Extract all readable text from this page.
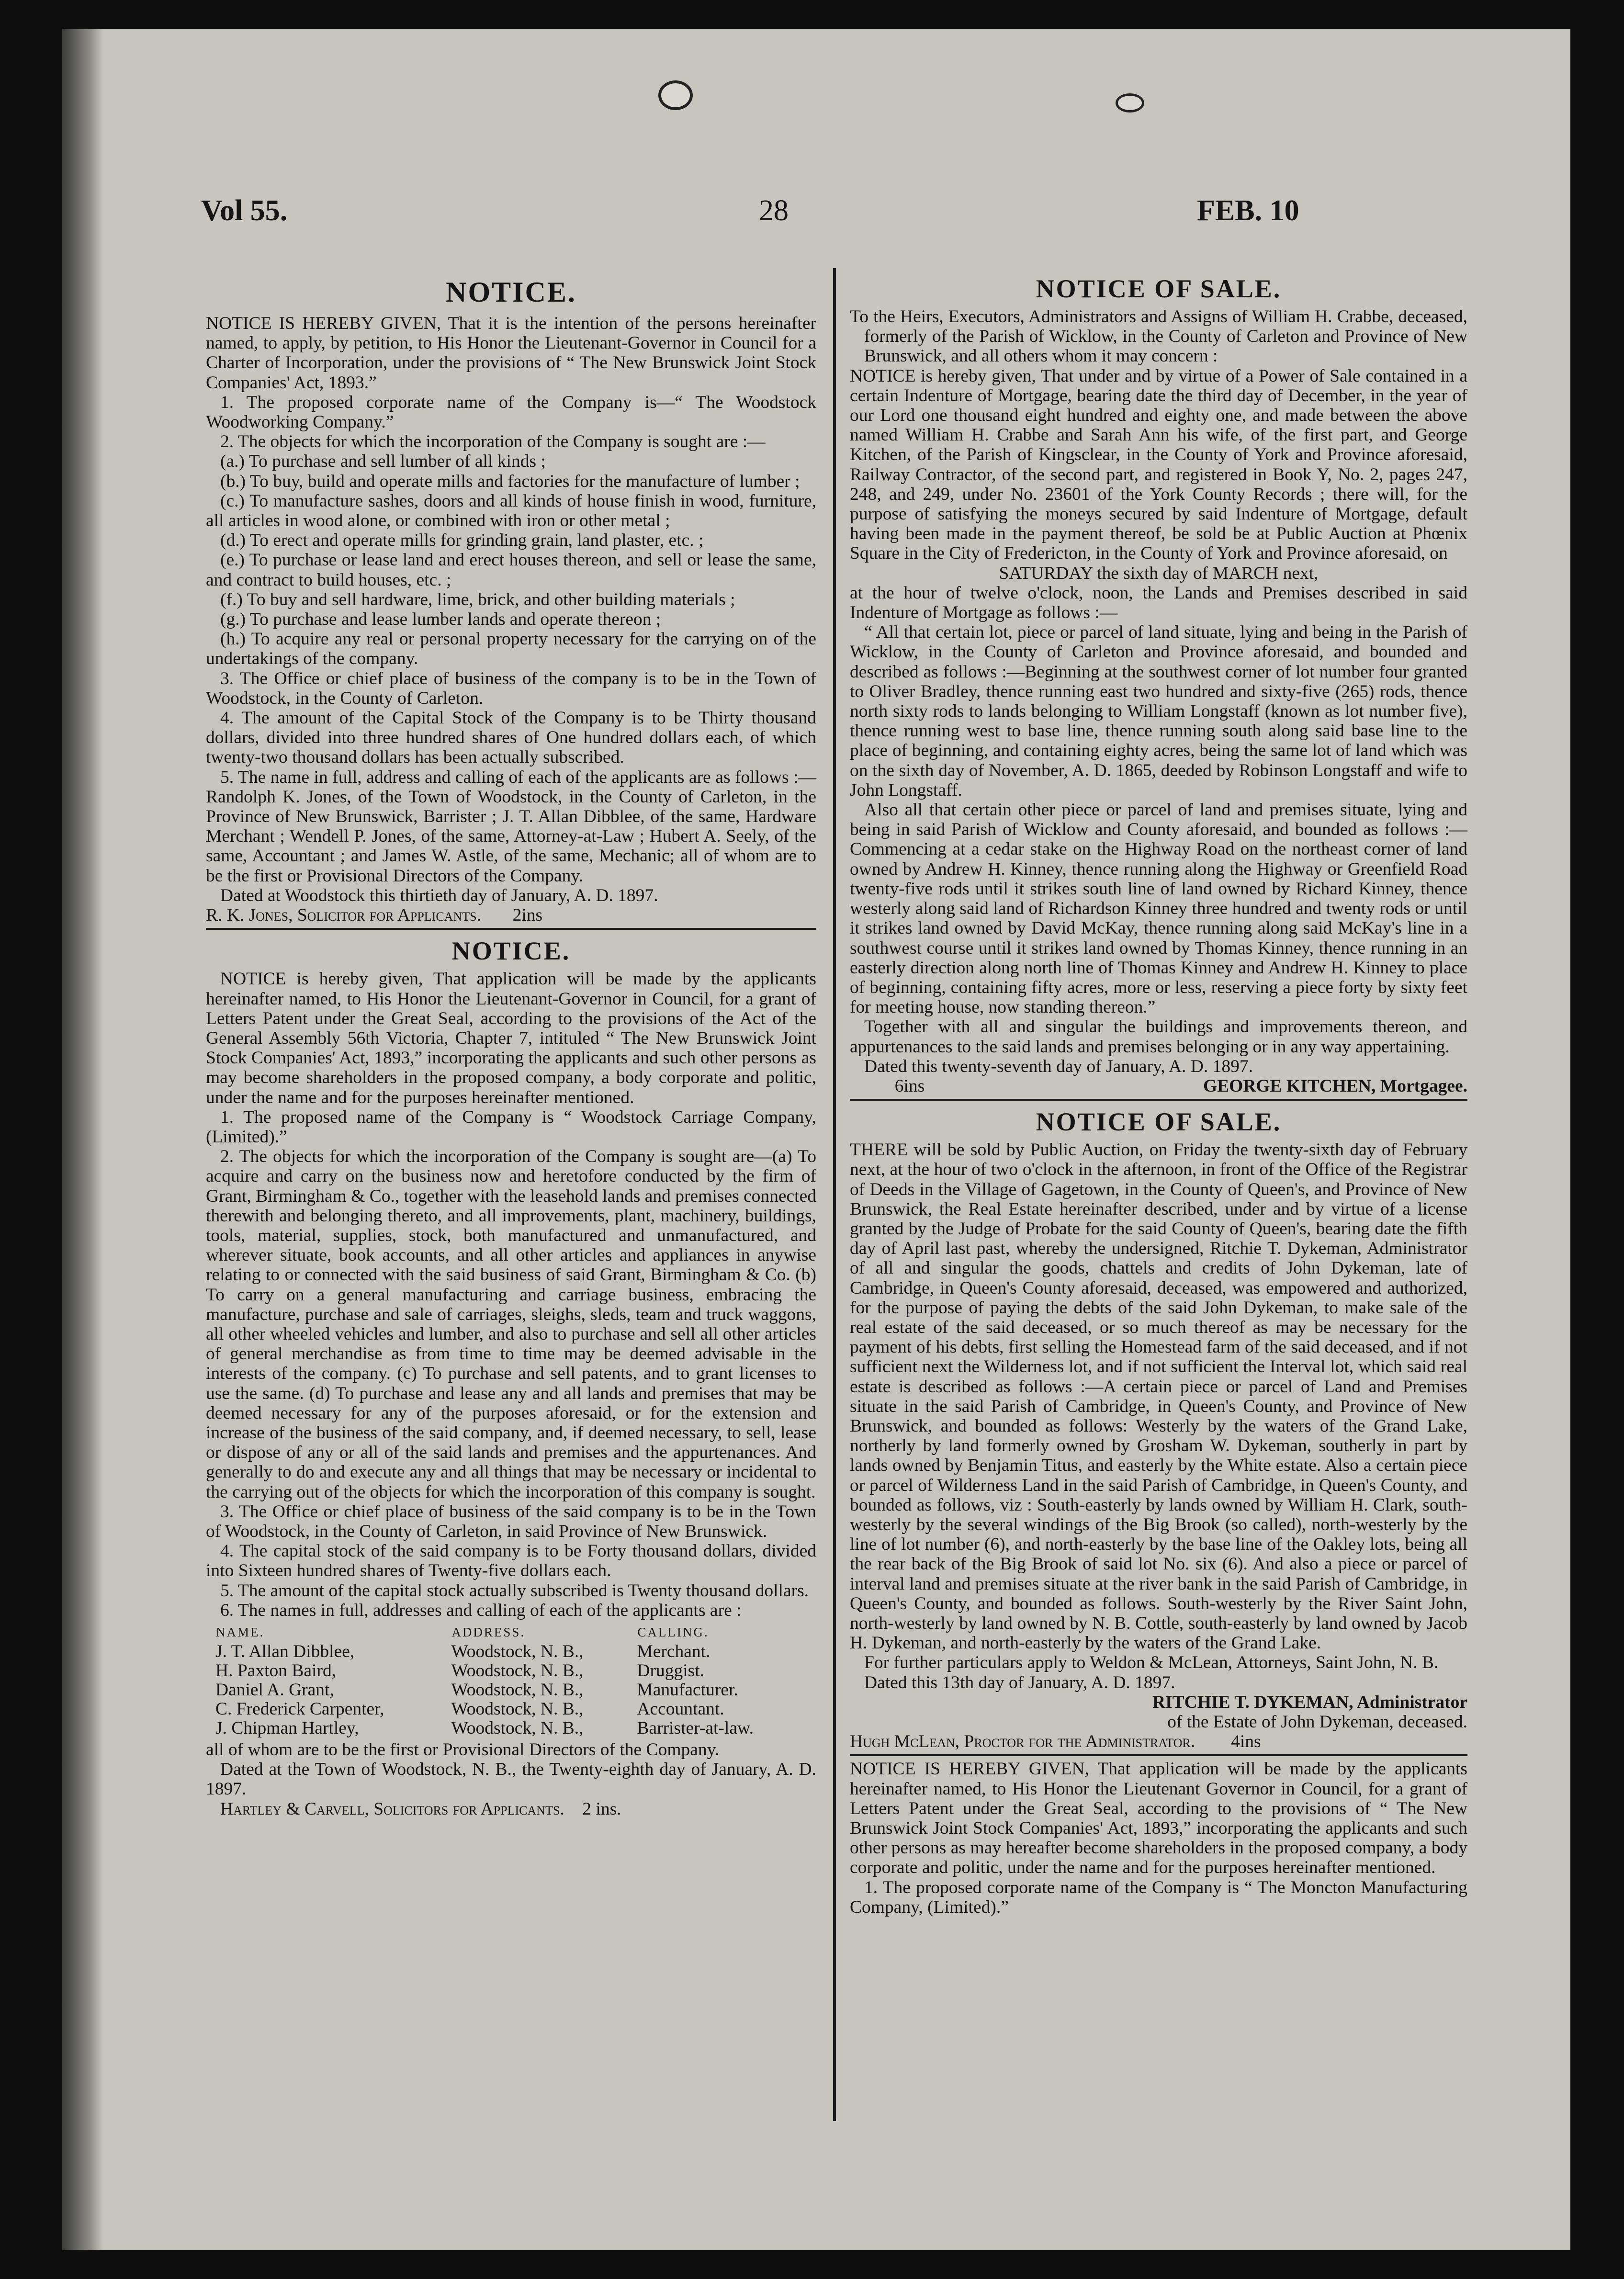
Vol 55.	28	FEB. 10
NOTICE.

NOTICE IS HEREBY GIVEN, That it is the intention of the persons hereinafter named, to apply, by petition, to His Honor the Lieutenant-Governor in Council for a Charter of Incorporation, under the provisions of “ The New Brunswick Joint Stock Companies' Act, 1893.”

1. The proposed corporate name of the Company is—“ The Woodstock Woodworking Company.”

2. The objects for which the incorporation of the Company is sought are :—

(a.) To purchase and sell lumber of all kinds ;

(b.) To buy, build and operate mills and factories for the manufacture of lumber ;

(c.) To manufacture sashes, doors and all kinds of house finish in wood, furniture, all articles in wood alone, or combined with iron or other metal ;

(d.) To erect and operate mills for grinding grain, land plaster, etc. ;

(e.) To purchase or lease land and erect houses thereon, and sell or lease the same, and contract to build houses, etc. ;

(f.) To buy and sell hardware, lime, brick, and other building materials ;

(g.) To purchase and lease lumber lands and operate thereon ;

(h.) To acquire any real or personal property necessary for the carrying on of the undertakings of the company.

3. The Office or chief place of business of the company is to be in the Town of Woodstock, in the County of Carleton.

4. The amount of the Capital Stock of the Company is to be Thirty thousand dollars, divided into three hundred shares of One hundred dollars each, of which twenty-two thousand dollars has been actually subscribed.

5. The name in full, address and calling of each of the applicants are as follows :—Randolph K. Jones, of the Town of Woodstock, in the County of Carleton, in the Province of New Brunswick, Barrister ; J. T. Allan Dibblee, of the same, Hardware Merchant ; Wendell P. Jones, of the same, Attorney-at-Law ; Hubert A. Seely, of the same, Accountant ; and James W. Astle, of the same, Mechanic; all of whom are to be the first or Provisional Directors of the Company.

Dated at Woodstock this thirtieth day of January, A. D. 1897.

R. K. Jones, Solicitor for Applicants. 2ins

NOTICE.

NOTICE is hereby given, That application will be made by the applicants hereinafter named, to His Honor the Lieutenant-Governor in Council, for a grant of Letters Patent under the Great Seal, according to the provisions of the Act of the General Assembly 56th Victoria, Chapter 7, intituled “ The New Brunswick Joint Stock Companies' Act, 1893,” incorporating the applicants and such other persons as may become shareholders in the proposed company, a body corporate and politic, under the name and for the purposes hereinafter mentioned.

1. The proposed name of the Company is “ Woodstock Carriage Company, (Limited).”

2. The objects for which the incorporation of the Company is sought are—(a) To acquire and carry on the business now and heretofore conducted by the firm of Grant, Birmingham & Co., together with the leasehold lands and premises connected therewith and belonging thereto, and all improvements, plant, machinery, buildings, tools, material, supplies, stock, both manufactured and unmanufactured, and wherever situate, book accounts, and all other articles and appliances in anywise relating to or connected with the said business of said Grant, Birmingham & Co. (b) To carry on a general manufacturing and carriage business, embracing the manufacture, purchase and sale of carriages, sleighs, sleds, team and truck waggons, all other wheeled vehicles and lumber, and also to purchase and sell all other articles of general merchandise as from time to time may be deemed advisable in the interests of the company. (c) To purchase and sell patents, and to grant licenses to use the same. (d) To purchase and lease any and all lands and premises that may be deemed necessary for any of the purposes aforesaid, or for the extension and increase of the business of the said company, and, if deemed necessary, to sell, lease or dispose of any or all of the said lands and premises and the appurtenances. And generally to do and execute any and all things that may be necessary or incidental to the carrying out of the objects for which the incorporation of this company is sought.

3. The Office or chief place of business of the said company is to be in the Town of Woodstock, in the County of Carleton, in said Province of New Brunswick.

4. The capital stock of the said company is to be Forty thousand dollars, divided into Sixteen hundred shares of Twenty-five dollars each.

5. The amount of the capital stock actually subscribed is Twenty thousand dollars.

6. The names in full, addresses and calling of each of the applicants are :

NAME.	ADDRESS.	CALLING.
J. T. Allan Dibblee,	Woodstock, N. B.,	Merchant.
H. Paxton Baird,	Woodstock, N. B.,	Druggist.
Daniel A. Grant,	Woodstock, N. B.,	Manufacturer.
C. Frederick Carpenter,	Woodstock, N. B.,	Accountant.
J. Chipman Hartley,	Woodstock, N. B.,	Barrister-at-law.

all of whom are to be the first or Provisional Directors of the Company.

Dated at the Town of Woodstock, N. B., the Twenty-eighth day of January, A. D. 1897.

Hartley & Carvell, Solicitors for Applicants. 2 ins.

NOTICE OF SALE.

To the Heirs, Executors, Administrators and Assigns of William H. Crabbe, deceased, formerly of the Parish of Wicklow, in the County of Carleton and Province of New Brunswick, and all others whom it may concern :

NOTICE is hereby given, That under and by virtue of a Power of Sale contained in a certain Indenture of Mortgage, bearing date the third day of December, in the year of our Lord one thousand eight hundred and eighty one, and made between the above named William H. Crabbe and Sarah Ann his wife, of the first part, and George Kitchen, of the Parish of Kingsclear, in the County of York and Province aforesaid, Railway Contractor, of the second part, and registered in Book Y, No. 2, pages 247, 248, and 249, under No. 23601 of the York County Records ; there will, for the purpose of satisfying the moneys secured by said Indenture of Mortgage, default having been made in the payment thereof, be sold be at Public Auction at Phœnix Square in the City of Fredericton, in the County of York and Province aforesaid, on

SATURDAY the sixth day of MARCH next,

at the hour of twelve o'clock, noon, the Lands and Premises described in said Indenture of Mortgage as follows :—

“ All that certain lot, piece or parcel of land situate, lying and being in the Parish of Wicklow, in the County of Carleton and Province aforesaid, and bounded and described as follows :—Beginning at the southwest corner of lot number four granted to Oliver Bradley, thence running east two hundred and sixty-five (265) rods, thence north sixty rods to lands belonging to William Longstaff (known as lot number five), thence running west to base line, thence running south along said base line to the place of beginning, and containing eighty acres, being the same lot of land which was on the sixth day of November, A. D. 1865, deeded by Robinson Longstaff and wife to John Longstaff.

Also all that certain other piece or parcel of land and premises situate, lying and being in said Parish of Wicklow and County aforesaid, and bounded as follows :—Commencing at a cedar stake on the Highway Road on the northeast corner of land owned by Andrew H. Kinney, thence running along the Highway or Greenfield Road twenty-five rods until it strikes south line of land owned by Richard Kinney, thence westerly along said land of Richardson Kinney three hundred and twenty rods or until it strikes land owned by David McKay, thence running along said McKay's line in a southwest course until it strikes land owned by Thomas Kinney, thence running in an easterly direction along north line of Thomas Kinney and Andrew H. Kinney to place of beginning, containing fifty acres, more or less, reserving a piece forty by sixty feet for meeting house, now standing thereon.”

Together with all and singular the buildings and improvements thereon, and appurtenances to the said lands and premises belonging or in any way appertaining.

Dated this twenty-seventh day of January, A. D. 1897.

6ins	GEORGE KITCHEN, Mortgagee.

NOTICE OF SALE.

THERE will be sold by Public Auction, on Friday the twenty-sixth day of February next, at the hour of two o'clock in the afternoon, in front of the Office of the Registrar of Deeds in the Village of Gagetown, in the County of Queen's, and Province of New Brunswick, the Real Estate hereinafter described, under and by virtue of a license granted by the Judge of Probate for the said County of Queen's, bearing date the fifth day of April last past, whereby the undersigned, Ritchie T. Dykeman, Administrator of all and singular the goods, chattels and credits of John Dykeman, late of Cambridge, in Queen's County aforesaid, deceased, was empowered and authorized, for the purpose of paying the debts of the said John Dykeman, to make sale of the real estate of the said deceased, or so much thereof as may be necessary for the payment of his debts, first selling the Homestead farm of the said deceased, and if not sufficient next the Wilderness lot, and if not sufficient the Interval lot, which said real estate is described as follows :—A certain piece or parcel of Land and Premises situate in the said Parish of Cambridge, in Queen's County, and Province of New Brunswick, and bounded as follows: Westerly by the waters of the Grand Lake, northerly by land formerly owned by Grosham W. Dykeman, southerly in part by lands owned by Benjamin Titus, and easterly by the White estate. Also a certain piece or parcel of Wilderness Land in the said Parish of Cambridge, in Queen's County, and bounded as follows, viz : South-easterly by lands owned by William H. Clark, south-westerly by the several windings of the Big Brook (so called), north-westerly by the line of lot number (6), and north-easterly by the base line of the Oakley lots, being all the rear back of the Big Brook of said lot No. six (6). And also a piece or parcel of interval land and premises situate at the river bank in the said Parish of Cambridge, in Queen's County, and bounded as follows. South-westerly by the River Saint John, north-westerly by land owned by N. B. Cottle, south-easterly by land owned by Jacob H. Dykeman, and north-easterly by the waters of the Grand Lake.

For further particulars apply to Weldon & McLean, Attorneys, Saint John, N. B.

Dated this 13th day of January, A. D. 1897.

RITCHIE T. DYKEMAN, Administrator

of the Estate of John Dykeman, deceased.

Hugh McLean, Proctor for the Administrator. 4ins

NOTICE IS HEREBY GIVEN, That application will be made by the applicants hereinafter named, to His Honor the Lieutenant Governor in Council, for a grant of Letters Patent under the Great Seal, according to the provisions of “ The New Brunswick Joint Stock Companies' Act, 1893,” incorporating the applicants and such other persons as may hereafter become shareholders in the proposed company, a body corporate and politic, under the name and for the purposes hereinafter mentioned.

1. The proposed corporate name of the Company is “ The Moncton Manufacturing Company, (Limited).”
